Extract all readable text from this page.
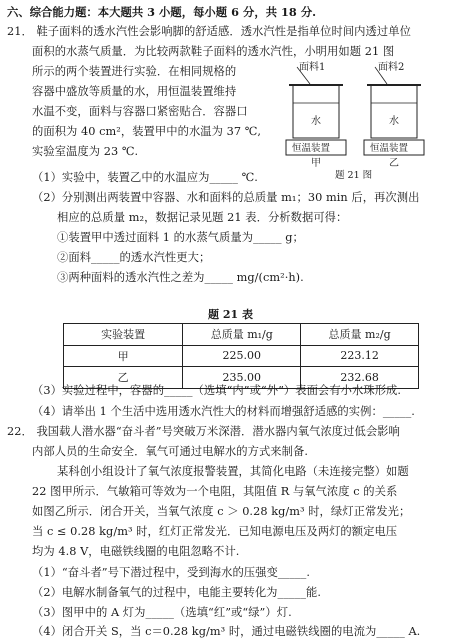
六、综合能力题：本大题共 3 小题，每小题 6 分，共 18 分.
21． 鞋子面料的透水汽性会影响脚的舒适感．透水汽性是指单位时间内透过单位
面积的水蒸气质量．为比较两款鞋子面料的透水汽性，小明用如题 21 图
所示的两个装置进行实验．在相同规格的
容器中盛放等质量的水，用恒温装置维持
水温不变，面料与容器口紧密贴合．容器口
的面积为 40 cm²，装置甲中的水温为 37 ℃,
实验室温度为 23 ℃.
面料1	面料2
水
恒温装置
甲
水
恒温装置
乙
题 21 图
（1）实验中，装置乙中的水温应为_____ ℃.
（2）分别测出两装置中容器、水和面料的总质量 m₁；30 min 后，再次测出
相应的总质量 m₂，数据记录见题 21 表．分析数据可得：
①装置甲中透过面料 1 的水蒸气质量为_____ g；
②面料_____的透水汽性更大；
③两种面料的透水汽性之差为_____ mg/(cm²·h).
题 21 表
实验装置	总质量 m₁/g	总质量 m₂/g
甲	225.00	223.12
乙	235.00	232.68
（3）实验过程中，容器的_____（选填“内”或“外”）表面会有小水珠形成.
（4）请举出 1 个生活中选用透水汽性大的材料而增强舒适感的实例：_____.
22． 我国载人潜水器“奋斗者”号突破万米深潜．潜水器内氧气浓度过低会影响
内部人员的生命安全．氧气可通过电解水的方式来制备.
某科创小组设计了氧气浓度报警装置，其简化电路（未连接完整）如题
22 图甲所示．气敏箱可等效为一个电阻，其阻值 R 与氧气浓度 c 的关系
如图乙所示．闭合开关，当氧气浓度 c ＞ 0.28 kg/m³ 时，绿灯正常发光；
当 c ≤ 0.28 kg/m³ 时，红灯正常发光．已知电源电压及两灯的额定电压
均为 4.8 V，电磁铁线圈的电阻忽略不计.
（1）“奋斗者”号下潜过程中，受到海水的压强变_____.
（2）电解水制备氧气的过程中，电能主要转化为_____能.
（3）图甲中的 A 灯为_____（选填“红”或“绿”）灯.
（4）闭合开关 S，当 c＝0.28 kg/m³ 时，通过电磁铁线圈的电流为_____ A.
